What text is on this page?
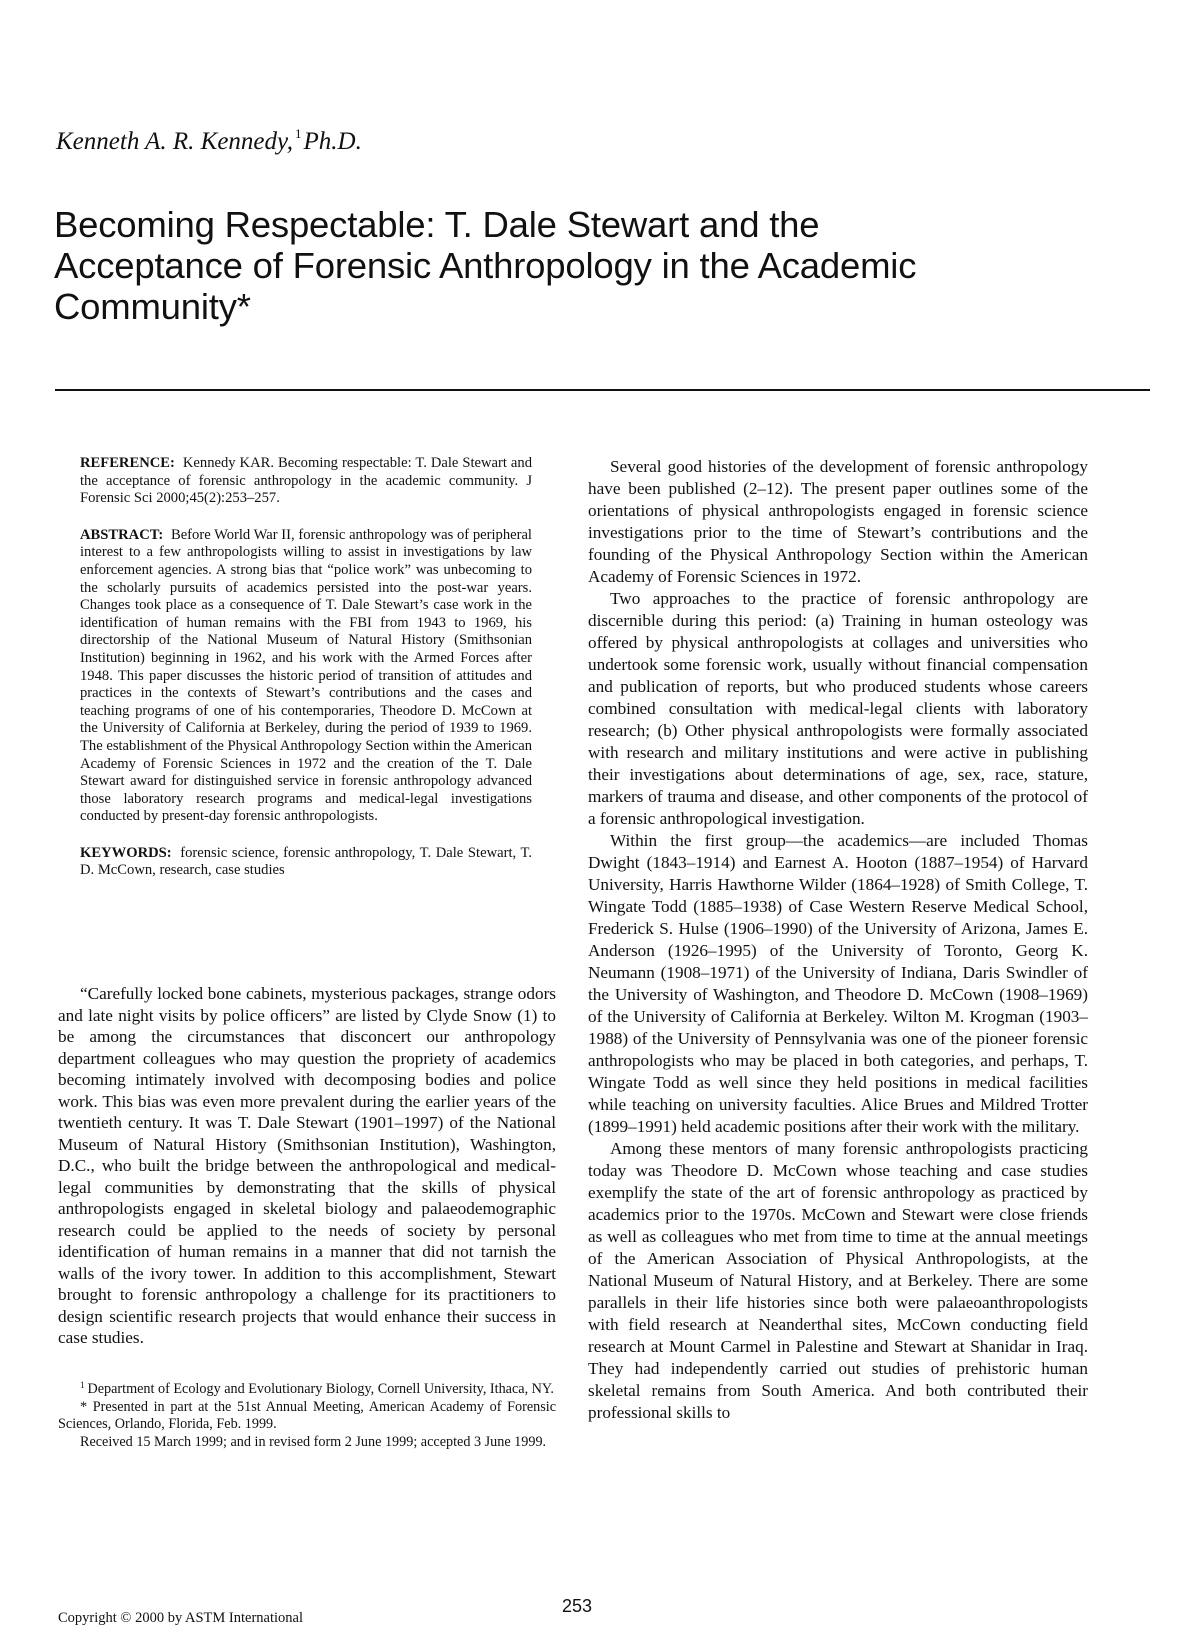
Kenneth A. R. Kennedy, $^1$Ph.D.
Becoming Respectable: T. Dale Stewart and the Acceptance of Forensic Anthropology in the Academic Community*

REFERENCE: Kennedy KAR. Becoming respectable: T. Dale Stewart and the acceptance of forensic anthropology in the academic community. J Forensic Sci 2000;45(2):253–257.

ABSTRACT: Before World War II, forensic anthropology was of peripheral interest to a few anthropologists willing to assist in investigations by law enforcement agencies. A strong bias that “police work” was unbecoming to the scholarly pursuits of academics persisted into the post-war years. Changes took place as a consequence of T. Dale Stewart’s case work in the identification of human remains with the FBI from 1943 to 1969, his directorship of the National Museum of Natural History (Smithsonian Institution) beginning in 1962, and his work with the Armed Forces after 1948. This paper discusses the historic period of transition of attitudes and practices in the contexts of Stewart’s contributions and the cases and teaching programs of one of his contemporaries, Theodore D. McCown at the University of California at Berkeley, during the period of 1939 to 1969. The establishment of the Physical Anthropology Section within the American Academy of Forensic Sciences in 1972 and the creation of the T. Dale Stewart award for distinguished service in forensic anthropology advanced those laboratory research programs and medical-legal investigations conducted by present-day forensic anthropologists.

KEYWORDS: forensic science, forensic anthropology, T. Dale Stewart, T. D. McCown, research, case studies

“Carefully locked bone cabinets, mysterious packages, strange odors and late night visits by police officers” are listed by Clyde Snow (1) to be among the circumstances that disconcert our anthropology department colleagues who may question the propriety of academics becoming intimately involved with decomposing bodies and police work. This bias was even more prevalent during the earlier years of the twentieth century. It was T. Dale Stewart (1901–1997) of the National Museum of Natural History (Smithsonian Institution), Washington, D.C., who built the bridge between the anthropological and medical-legal communities by demonstrating that the skills of physical anthropologists engaged in skeletal biology and palaeodemographic research could be applied to the needs of society by personal identification of human remains in a manner that did not tarnish the walls of the ivory tower. In addition to this accomplishment, Stewart brought to forensic anthropology a challenge for its practitioners to design scientific research projects that would enhance their success in case studies.

$^1$ Department of Ecology and Evolutionary Biology, Cornell University, Ithaca, NY.

* Presented in part at the 51st Annual Meeting, American Academy of Forensic Sciences, Orlando, Florida, Feb. 1999.

Received 15 March 1999; and in revised form 2 June 1999; accepted 3 June 1999.

Several good histories of the development of forensic anthropology have been published (2–12). The present paper outlines some of the orientations of physical anthropologists engaged in forensic science investigations prior to the time of Stewart’s contributions and the founding of the Physical Anthropology Section within the American Academy of Forensic Sciences in 1972.

Two approaches to the practice of forensic anthropology are discernible during this period: (a) Training in human osteology was offered by physical anthropologists at collages and universities who undertook some forensic work, usually without financial compensation and publication of reports, but who produced students whose careers combined consultation with medical-legal clients with laboratory research; (b) Other physical anthropologists were formally associated with research and military institutions and were active in publishing their investigations about determinations of age, sex, race, stature, markers of trauma and disease, and other components of the protocol of a forensic anthropological investigation.

Within the first group—the academics—are included Thomas Dwight (1843–1914) and Earnest A. Hooton (1887–1954) of Harvard University, Harris Hawthorne Wilder (1864–1928) of Smith College, T. Wingate Todd (1885–1938) of Case Western Reserve Medical School, Frederick S. Hulse (1906–1990) of the University of Arizona, James E. Anderson (1926–1995) of the University of Toronto, Georg K. Neumann (1908–1971) of the University of Indiana, Daris Swindler of the University of Washington, and Theodore D. McCown (1908–1969) of the University of California at Berkeley. Wilton M. Krogman (1903–1988) of the University of Pennsylvania was one of the pioneer forensic anthropologists who may be placed in both categories, and perhaps, T. Wingate Todd as well since they held positions in medical facilities while teaching on university faculties. Alice Brues and Mildred Trotter (1899–1991) held academic positions after their work with the military.

Among these mentors of many forensic anthropologists practicing today was Theodore D. McCown whose teaching and case studies exemplify the state of the art of forensic anthropology as practiced by academics prior to the 1970s. McCown and Stewart were close friends as well as colleagues who met from time to time at the annual meetings of the American Association of Physical Anthropologists, at the National Museum of Natural History, and at Berkeley. There are some parallels in their life histories since both were palaeoanthropologists with field research at Neanderthal sites, McCown conducting field research at Mount Carmel in Palestine and Stewart at Shanidar in Iraq. They had independently carried out studies of prehistoric human skeletal remains from South America. And both contributed their professional skills to

Copyright © 2000 by ASTM International
253
